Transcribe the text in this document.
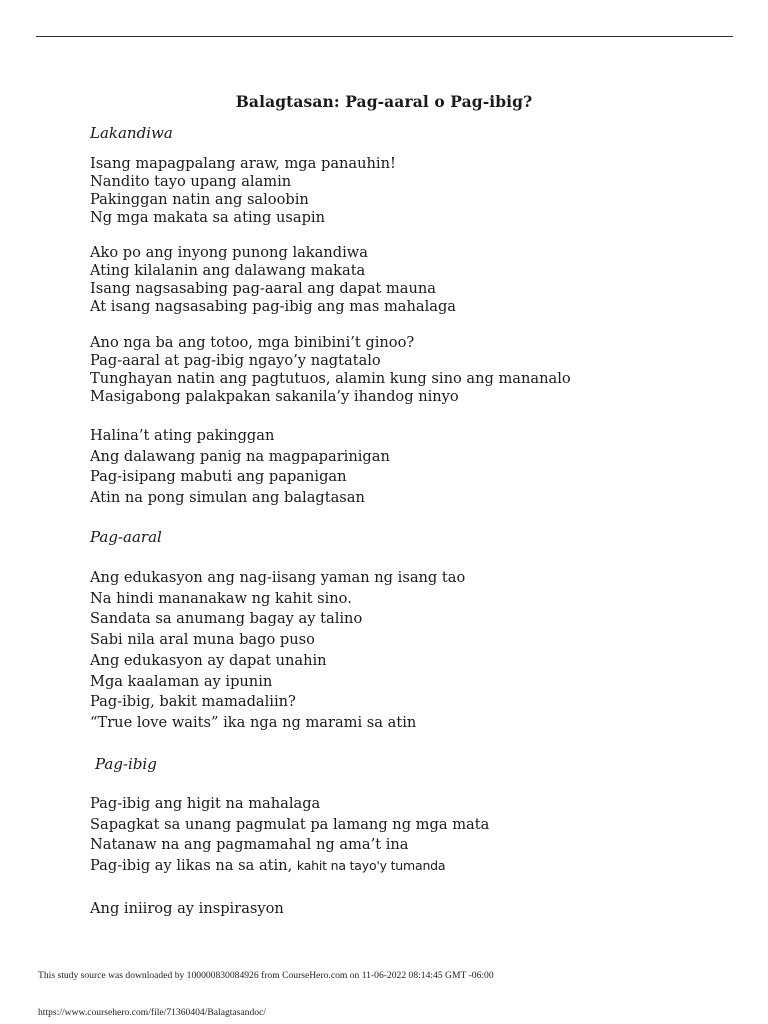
Balagtasan: Pag-aaral o Pag-ibig?
Lakandiwa
Isang mapagpalang araw, mga panauhin!
Nandito tayo upang alamin
Pakinggan natin ang saloobin
Ng mga makata sa ating usapin
Ako po ang inyong punong lakandiwa
Ating kilalanin ang dalawang makata
Isang nagsasabing pag-aaral ang dapat mauna
At isang nagsasabing pag-ibig ang mas mahalaga
Ano nga ba ang totoo, mga binibini’t ginoo?
Pag-aaral at pag-ibig ngayo’y nagtatalo
Tunghayan natin ang pagtutuos, alamin kung sino ang mananalo
Masigabong palakpakan sakanila’y ihandog ninyo
Halina’t ating pakinggan
Ang dalawang panig na magpaparinigan
Pag-isipang mabuti ang papanigan
Atin na pong simulan ang balagtasan
Pag-aaral
Ang edukasyon ang nag-iisang yaman ng isang tao
Na hindi mananakaw ng kahit sino.
Sandata sa anumang bagay ay talino
Sabi nila aral muna bago puso
Ang edukasyon ay dapat unahin
Mga kaalaman ay ipunin
Pag-ibig, bakit mamadaliin?
“True love waits” ika nga ng marami sa atin
Pag-ibig
Pag-ibig ang higit na mahalaga
Sapagkat sa unang pagmulat pa lamang ng mga mata
Natanaw na ang pagmamahal ng ama’t ina
Pag-ibig ay likas na sa atin, kahit na tayo'y tumanda
Ang iniirog ay inspirasyon
This study source was downloaded by 100000830084926 from CourseHero.com on 11-06-2022 08:14:45 GMT -06:00
https://www.coursehero.com/file/71360404/Balagtasandoc/
